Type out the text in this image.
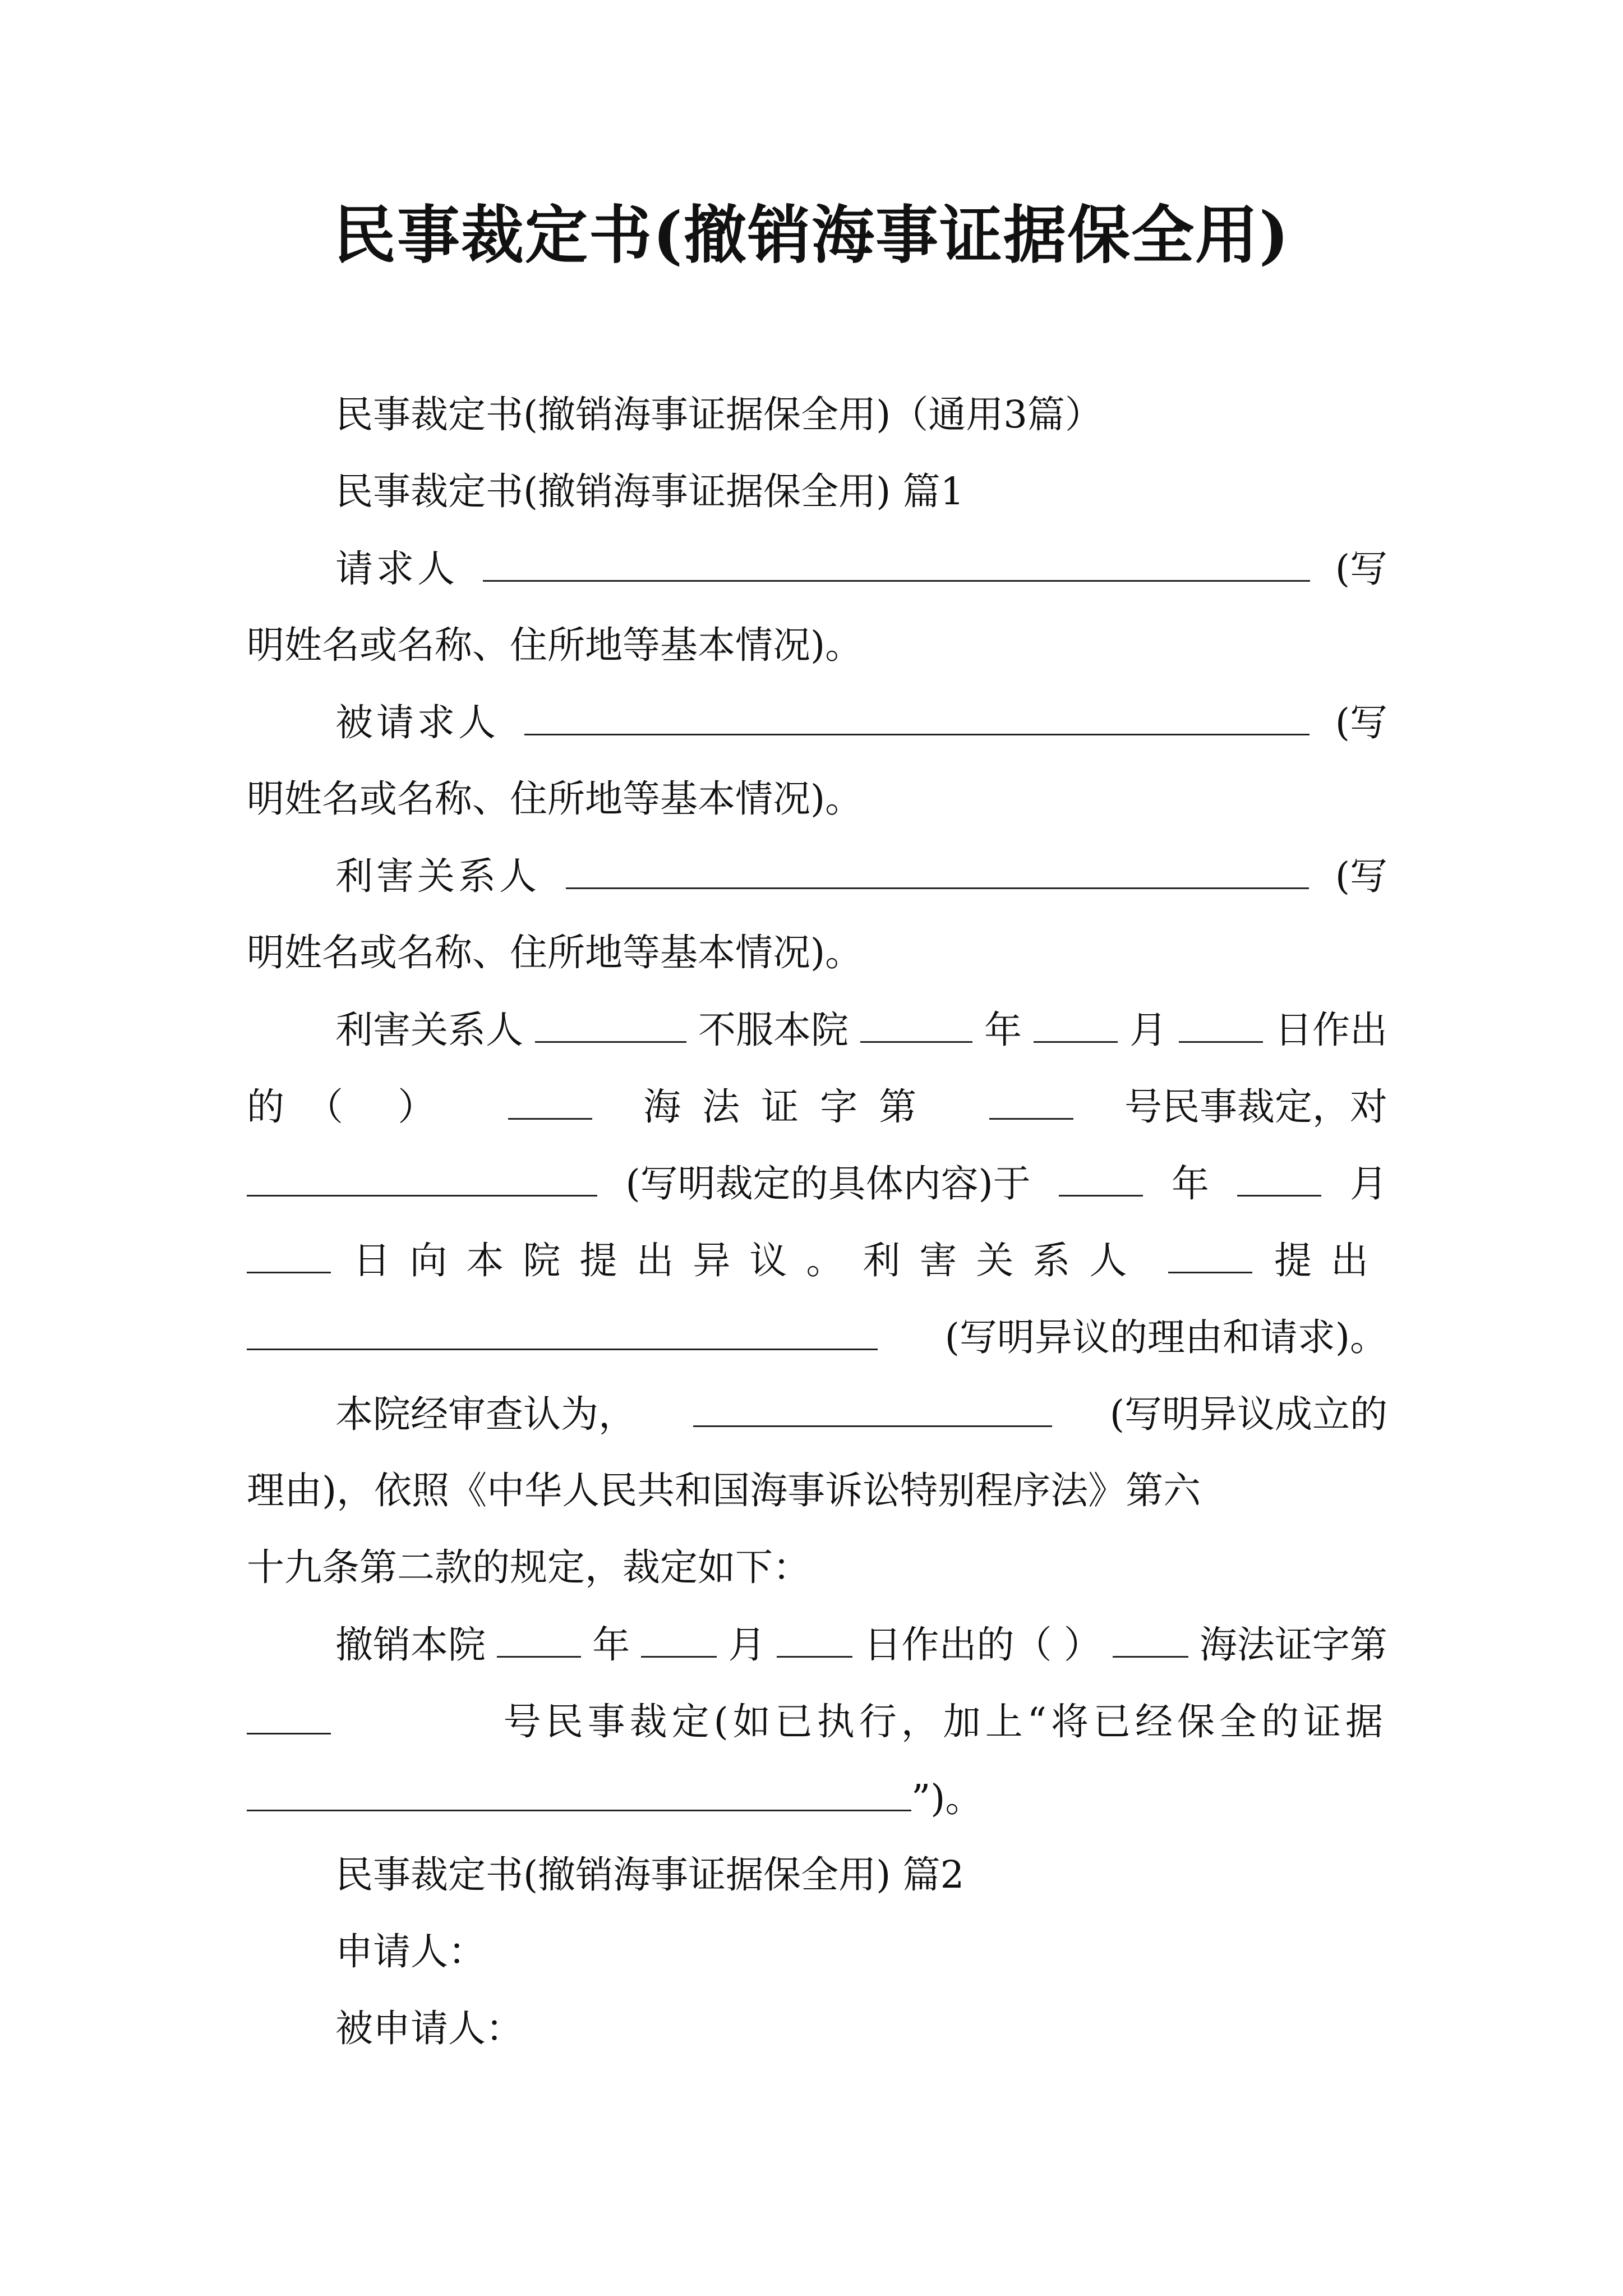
民事裁定书(撤销海事证据保全用)
民事裁定书(撤销海事证据保全用)（通用3篇）
民事裁定书(撤销海事证据保全用) 篇1
请求人	(写
明姓名或名称、住所地等基本情况)。
被请求人	(写
明姓名或名称、住所地等基本情况)。
利害关系人	(写
明姓名或名称、住所地等基本情况)。
利害关系人	不服本院	年	月	日作出
的（ ）	海法证字第	号民事裁定，对
(写明裁定的具体内容)于	年	月
日向本院提出异议。利害关系人	提出
(写明异议的理由和请求)。
本院经审查认为，	(写明异议成立的
理由)，依照《中华人民共和国海事诉讼特别程序法》第六
十九条第二款的规定，裁定如下：
撤销本院	年	月	日作出的（ ）	海法证字第
号民事裁定(如已执行，加上“将已经保全的证据
”)。
民事裁定书(撤销海事证据保全用) 篇2
申请人：
被申请人：
